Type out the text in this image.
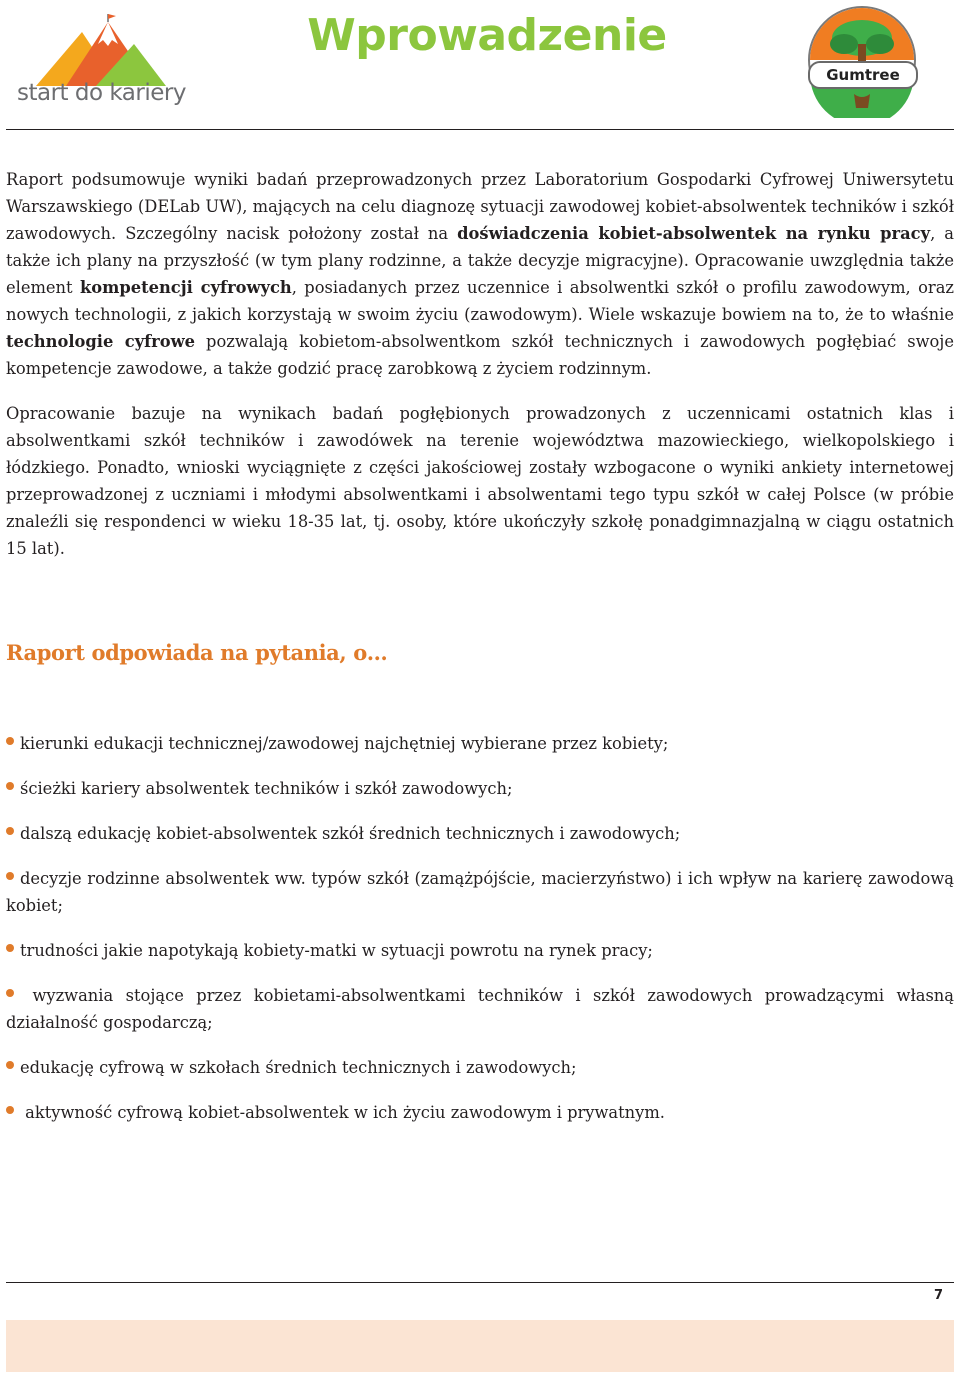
start do kariery
Wprowadzenie
Gumtree

Raport podsumowuje wyniki badań przeprowadzonych przez Laboratorium Gospodarki Cyfrowej Uniwersytetu Warszawskiego (DELab UW), mających na celu diagnozę sytuacji zawodowej kobiet-absolwentek techników i szkół zawodowych. Szczególny nacisk położony został na doświadczenia kobiet-absolwentek na rynku pracy, a także ich plany na przyszłość (w tym plany rodzinne, a także decyzje migracyjne). Opracowanie uwzględnia także element kompetencji cyfrowych, posiadanych przez uczennice i absolwentki szkół o profilu zawodowym, oraz nowych technologii, z jakich korzystają w swoim życiu (zawodowym). Wiele wskazuje bowiem na to, że to właśnie technologie cyfrowe pozwalają kobietom-absolwentkom szkół technicznych i zawodowych pogłębiać swoje kompetencje zawodowe, a także godzić pracę zarobkową z życiem rodzinnym.

Opracowanie bazuje na wynikach badań pogłębionych prowadzonych z uczennicami ostatnich klas i absolwentkami szkół techników i zawodówek na terenie województwa mazowieckiego, wielkopolskiego i łódzkiego. Ponadto, wnioski wyciągnięte z części jakościowej zostały wzbogacone o wyniki ankiety internetowej przeprowadzonej z uczniami i młodymi absolwentkami i absolwentami tego typu szkół w całej Polsce (w próbie znaleźli się respondenci w wieku 18-35 lat, tj. osoby, które ukończyły szkołę ponadgimnazjalną w ciągu ostatnich 15 lat).

Raport odpowiada na pytania, o…
kierunki edukacji technicznej/zawodowej najchętniej wybierane przez kobiety;
ścieżki kariery absolwentek techników i szkół zawodowych;
dalszą edukację kobiet-absolwentek szkół średnich technicznych i zawodowych;
decyzje rodzinne absolwentek ww. typów szkół (zamążpójście, macierzyństwo) i ich wpływ na karierę zawodową kobiet;
trudności jakie napotykają kobiety-matki w sytuacji powrotu na rynek pracy;
wyzwania stojące przez kobietami-absolwentkami techników i szkół zawodowych prowadzącymi własną działalność gospodarczą;
edukację cyfrową w szkołach średnich technicznych i zawodowych;
aktywność cyfrową kobiet-absolwentek w ich życiu zawodowym i prywatnym.
7
